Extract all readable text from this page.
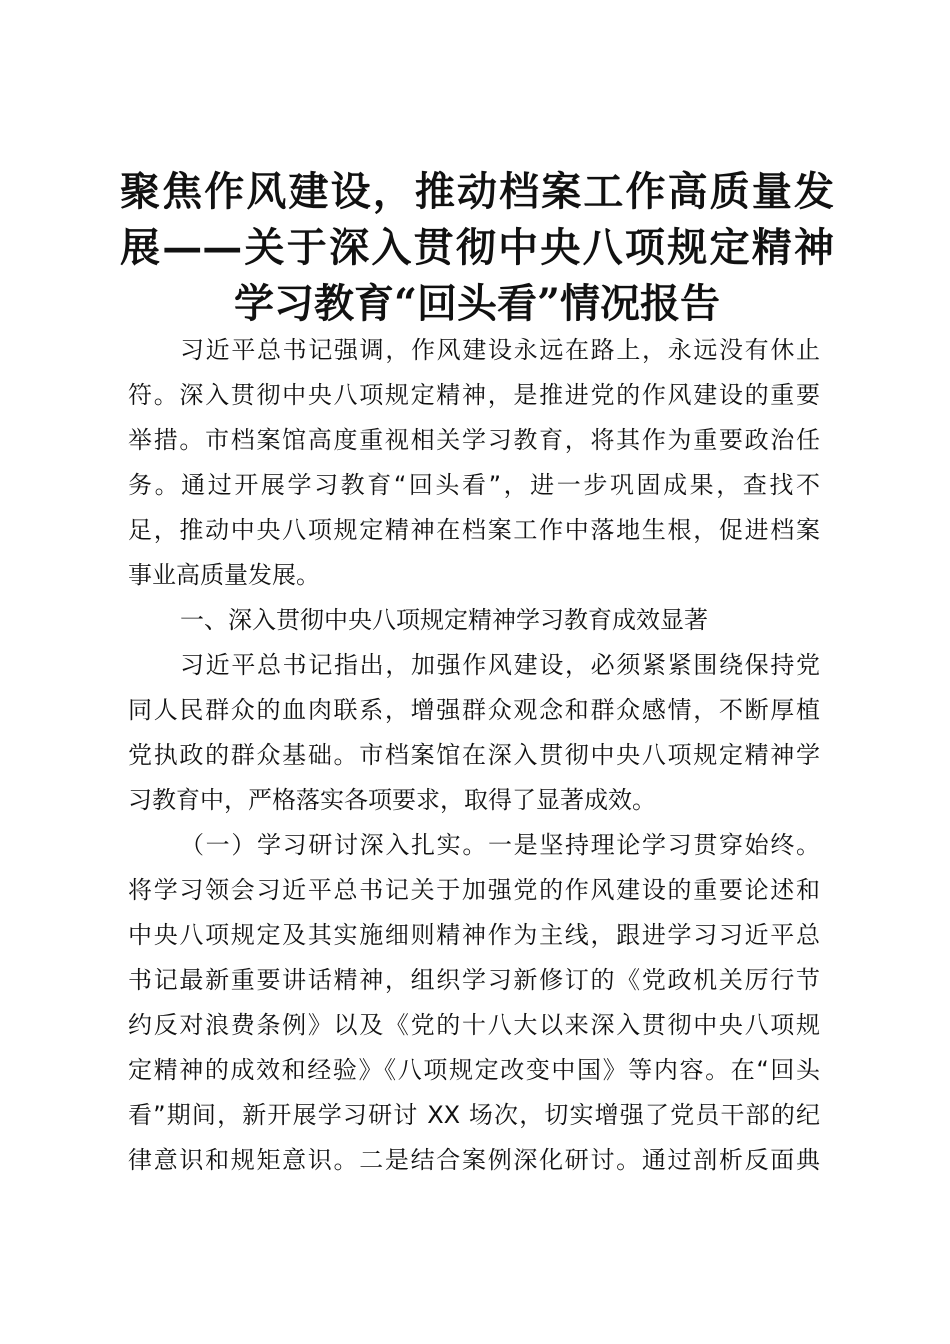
聚焦作风建设，推动档案工作高质量发
展——关于深入贯彻中央八项规定精神
学习教育“回头看”情况报告
习近平总书记强调，作风建设永远在路上，永远没有休止
符。深入贯彻中央八项规定精神，是推进党的作风建设的重要
举措。市档案馆高度重视相关学习教育，将其作为重要政治任
务。通过开展学习教育“回头看”，进一步巩固成果，查找不
足，推动中央八项规定精神在档案工作中落地生根，促进档案
事业高质量发展。
一、深入贯彻中央八项规定精神学习教育成效显著
习近平总书记指出，加强作风建设，必须紧紧围绕保持党
同人民群众的血肉联系，增强群众观念和群众感情，不断厚植
党执政的群众基础。市档案馆在深入贯彻中央八项规定精神学
习教育中，严格落实各项要求，取得了显著成效。
（一）学习研讨深入扎实。一是坚持理论学习贯穿始终。
将学习领会习近平总书记关于加强党的作风建设的重要论述和
中央八项规定及其实施细则精神作为主线，跟进学习习近平总
书记最新重要讲话精神，组织学习新修订的《党政机关厉行节
约反对浪费条例》以及《党的十八大以来深入贯彻中央八项规
定精神的成效和经验》《八项规定改变中国》等内容。在“回头
看”期间，新开展学习研讨 XX 场次，切实增强了党员干部的纪
律意识和规矩意识。二是结合案例深化研讨。通过剖析反面典
